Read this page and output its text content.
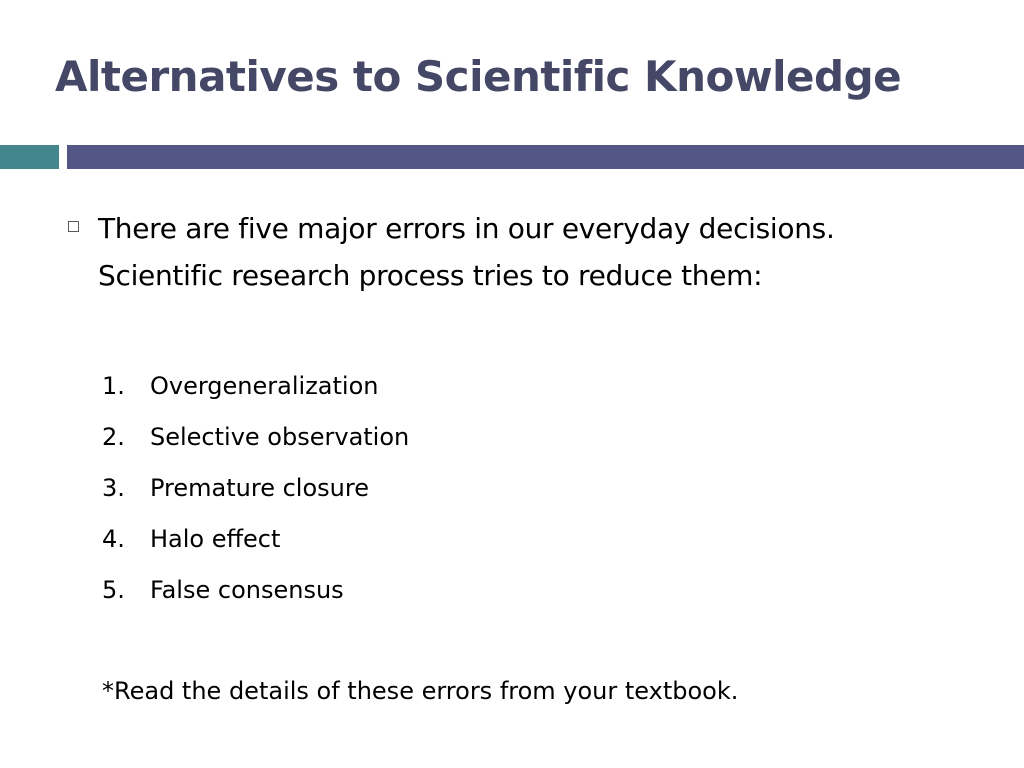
Alternatives to Scientific Knowledge

There are five major errors in our everyday decisions.
Scientific research process tries to reduce them:

1. Overgeneralization
2. Selective observation
3. Premature closure
4. Halo effect
5. False consensus

*Read the details of these errors from your textbook.
